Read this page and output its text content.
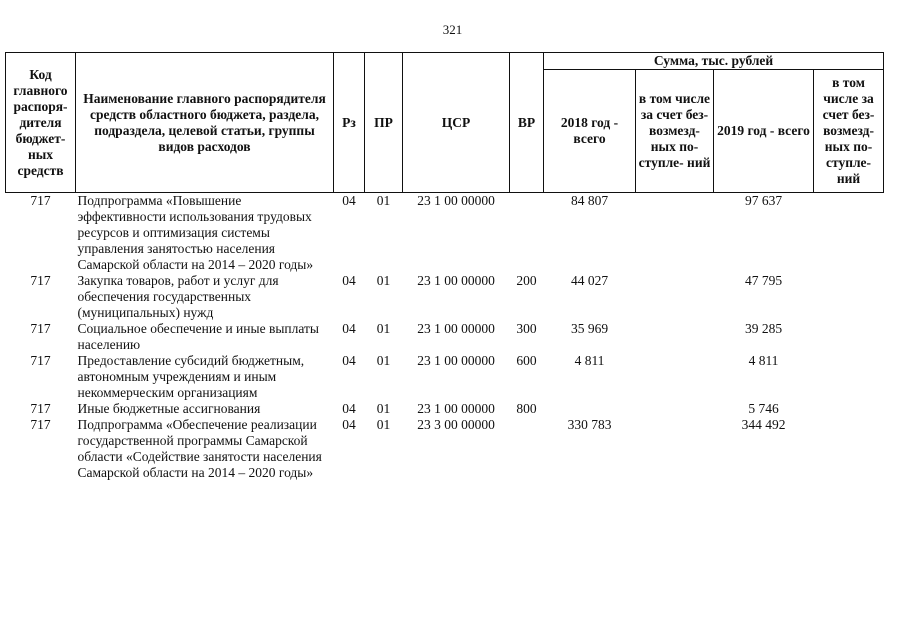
321
Код главного распоря- дителя бюджет- ных средств	Наименование главного распорядителя средств областного бюджета, раздела, подраздела, целевой статьи, группы видов расходов	Рз	ПР	ЦСР	ВР	Сумма, тыс. рублей			
						2018 год - всего	в том числе за счет без- возмезд- ных по- ступле- ний	2019 год - всего	в том числе за счет без- возмезд- ных по- ступле- ний
717	Подпрограмма «Повышение эффективности использования трудовых ресурсов и оптимизация системы управления занятостью населения Самарской области на 2014 – 2020 годы»	04	01	23 1 00 00000		84 807		97 637	
717	Закупка товаров, работ и услуг для обеспечения государственных (муниципальных) нужд	04	01	23 1 00 00000	200	44 027		47 795	
717	Социальное обеспечение и иные выплаты населению	04	01	23 1 00 00000	300	35 969		39 285	
717	Предоставление субсидий бюджетным, автономным учреждениям и иным некоммерческим организациям	04	01	23 1 00 00000	600	4 811		4 811	
717	Иные бюджетные ассигнования	04	01	23 1 00 00000	800			5 746	
717	Подпрограмма «Обеспечение реализации государственной программы Самарской области «Содействие занятости населения Самарской области на 2014 – 2020 годы»	04	01	23 3 00 00000		330 783		344 492	
